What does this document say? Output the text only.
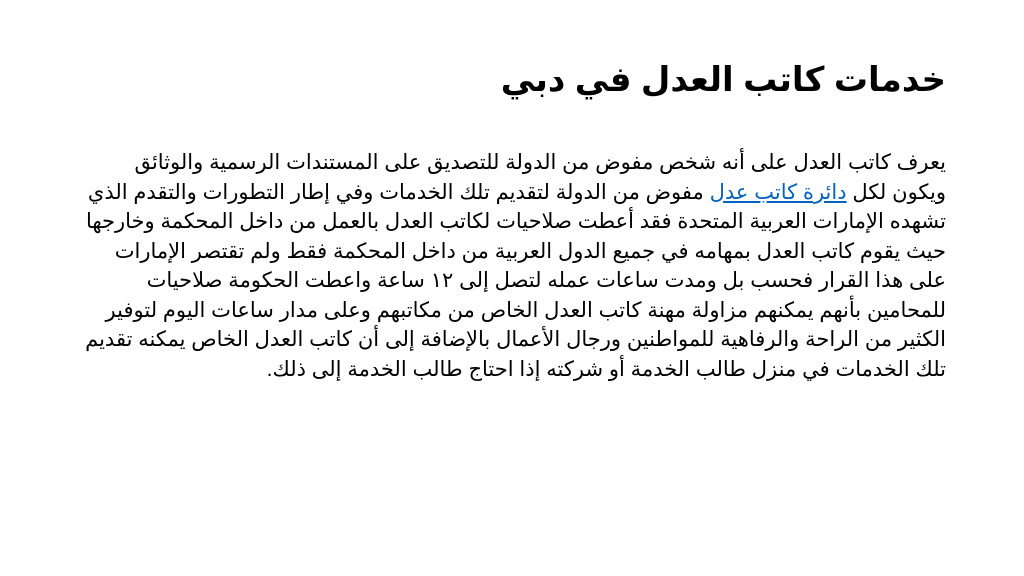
خدمات كاتب العدل في دبي

يعرف كاتب العدل على أنه شخص مفوض من الدولة للتصديق على المستندات الرسمية والوثائق ويكون لكل دائرة كاتب عدل مفوض من الدولة لتقديم تلك الخدمات وفي إطار التطورات والتقدم الذي تشهده الإمارات العربية المتحدة فقد أعطت صلاحيات لكاتب العدل بالعمل من داخل المحكمة وخارجها حيث يقوم كاتب العدل بمهامه في جميع الدول العربية من داخل المحكمة فقط ولم تقتصر الإمارات على هذا القرار فحسب بل ومدت ساعات عمله لتصل إلى ١٢ ساعة واعطت الحكومة صلاحيات للمحامين بأنهم يمكنهم مزاولة مهنة كاتب العدل الخاص من مكاتبهم وعلى مدار ساعات اليوم لتوفير الكثير من الراحة والرفاهية للمواطنين ورجال الأعمال بالإضافة إلى أن كاتب العدل الخاص يمكنه تقديم تلك الخدمات في منزل طالب الخدمة أو شركته إذا احتاج طالب الخدمة إلى ذلك.
